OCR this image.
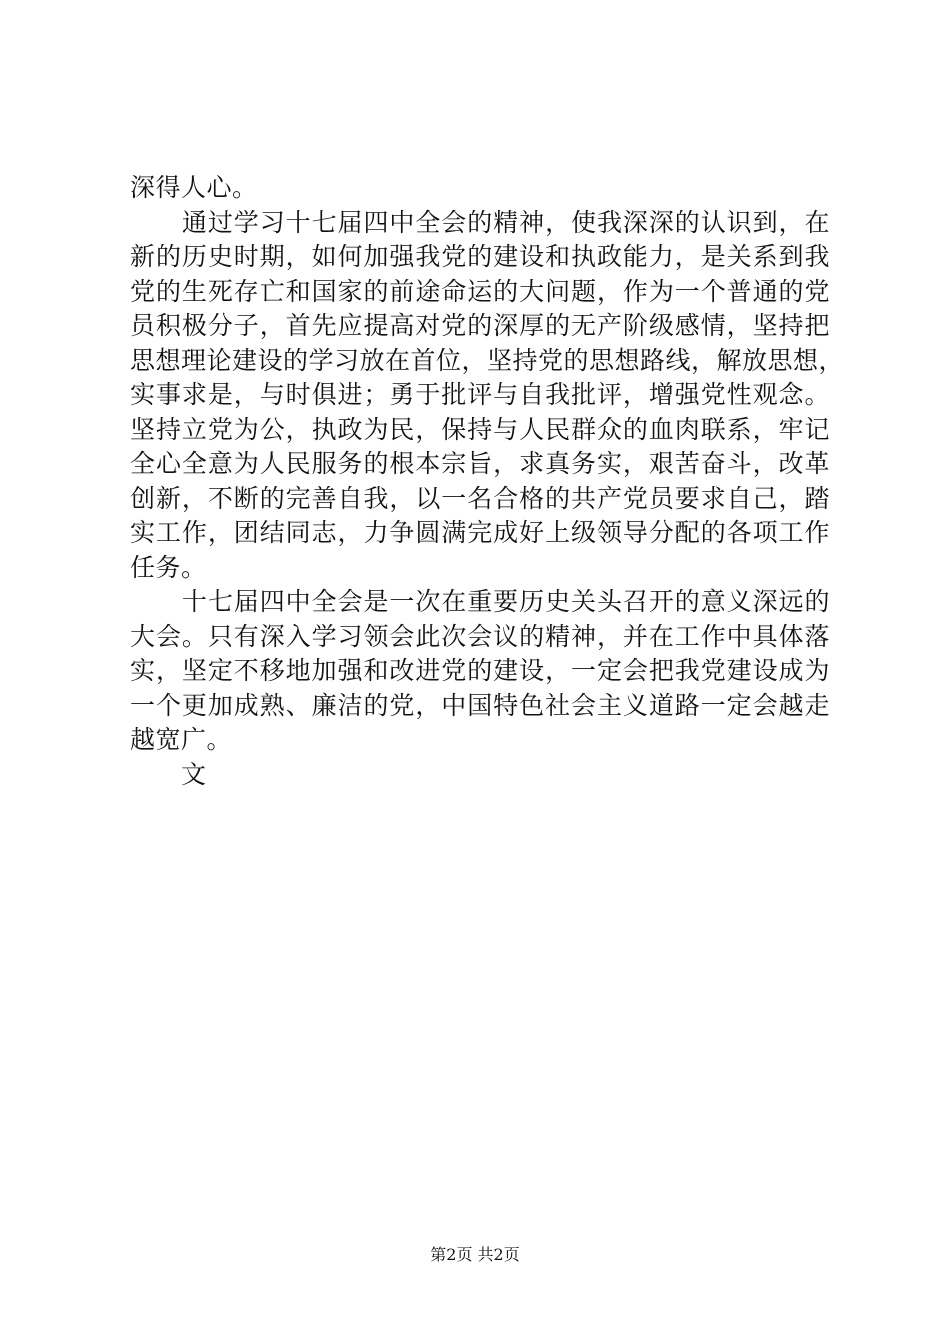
深得人心。
　　通过学习十七届四中全会的精神，使我深深的认识到，在
新的历史时期，如何加强我党的建设和执政能力，是关系到我
党的生死存亡和国家的前途命运的大问题，作为一个普通的党
员积极分子，首先应提高对党的深厚的无产阶级感情，坚持把
思想理论建设的学习放在首位，坚持党的思想路线，解放思想，
实事求是，与时俱进；勇于批评与自我批评，增强党性观念。
坚持立党为公，执政为民，保持与人民群众的血肉联系，牢记
全心全意为人民服务的根本宗旨，求真务实，艰苦奋斗，改革
创新，不断的完善自我，以一名合格的共产党员要求自己，踏
实工作，团结同志，力争圆满完成好上级领导分配的各项工作
任务。
　　十七届四中全会是一次在重要历史关头召开的意义深远的
大会。只有深入学习领会此次会议的精神，并在工作中具体落
实，坚定不移地加强和改进党的建设，一定会把我党建设成为
一个更加成熟、廉洁的党，中国特色社会主义道路一定会越走
越宽广。
　　文
第2页 共2页
